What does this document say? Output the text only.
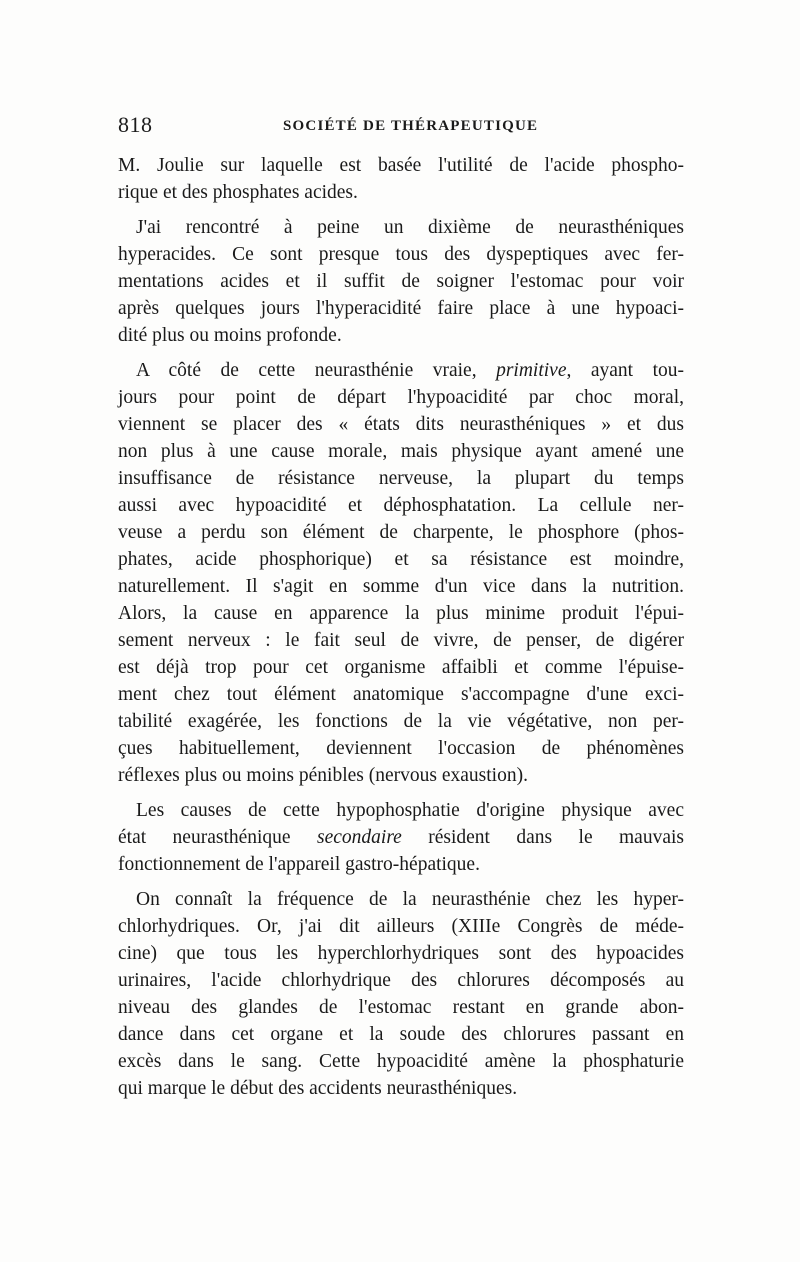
818	SOCIÉTÉ DE THÉRAPEUTIQUE
M. Joulie sur laquelle est basée l'utilité de l'acide phospho-
rique et des phosphates acides.
J'ai rencontré à peine un dixième de neurasthéniques
hyperacides. Ce sont presque tous des dyspeptiques avec fer-
mentations acides et il suffit de soigner l'estomac pour voir
après quelques jours l'hyperacidité faire place à une hypoaci-
dité plus ou moins profonde.
A côté de cette neurasthénie vraie, primitive, ayant tou-
jours pour point de départ l'hypoacidité par choc moral,
viennent se placer des « états dits neurasthéniques » et dus
non plus à une cause morale, mais physique ayant amené une
insuffisance de résistance nerveuse, la plupart du temps
aussi avec hypoacidité et déphosphatation. La cellule ner-
veuse a perdu son élément de charpente, le phosphore (phos-
phates, acide phosphorique) et sa résistance est moindre,
naturellement. Il s'agit en somme d'un vice dans la nutrition.
Alors, la cause en apparence la plus minime produit l'épui-
sement nerveux : le fait seul de vivre, de penser, de digérer
est déjà trop pour cet organisme affaibli et comme l'épuise-
ment chez tout élément anatomique s'accompagne d'une exci-
tabilité exagérée, les fonctions de la vie végétative, non per-
çues habituellement, deviennent l'occasion de phénomènes
réflexes plus ou moins pénibles (nervous exaustion).
Les causes de cette hypophosphatie d'origine physique avec
état neurasthénique secondaire résident dans le mauvais
fonctionnement de l'appareil gastro-hépatique.
On connaît la fréquence de la neurasthénie chez les hyper-
chlorhydriques. Or, j'ai dit ailleurs (XIIIe Congrès de méde-
cine) que tous les hyperchlorhydriques sont des hypoacides
urinaires, l'acide chlorhydrique des chlorures décomposés au
niveau des glandes de l'estomac restant en grande abon-
dance dans cet organe et la soude des chlorures passant en
excès dans le sang. Cette hypoacidité amène la phosphaturie
qui marque le début des accidents neurasthéniques.
